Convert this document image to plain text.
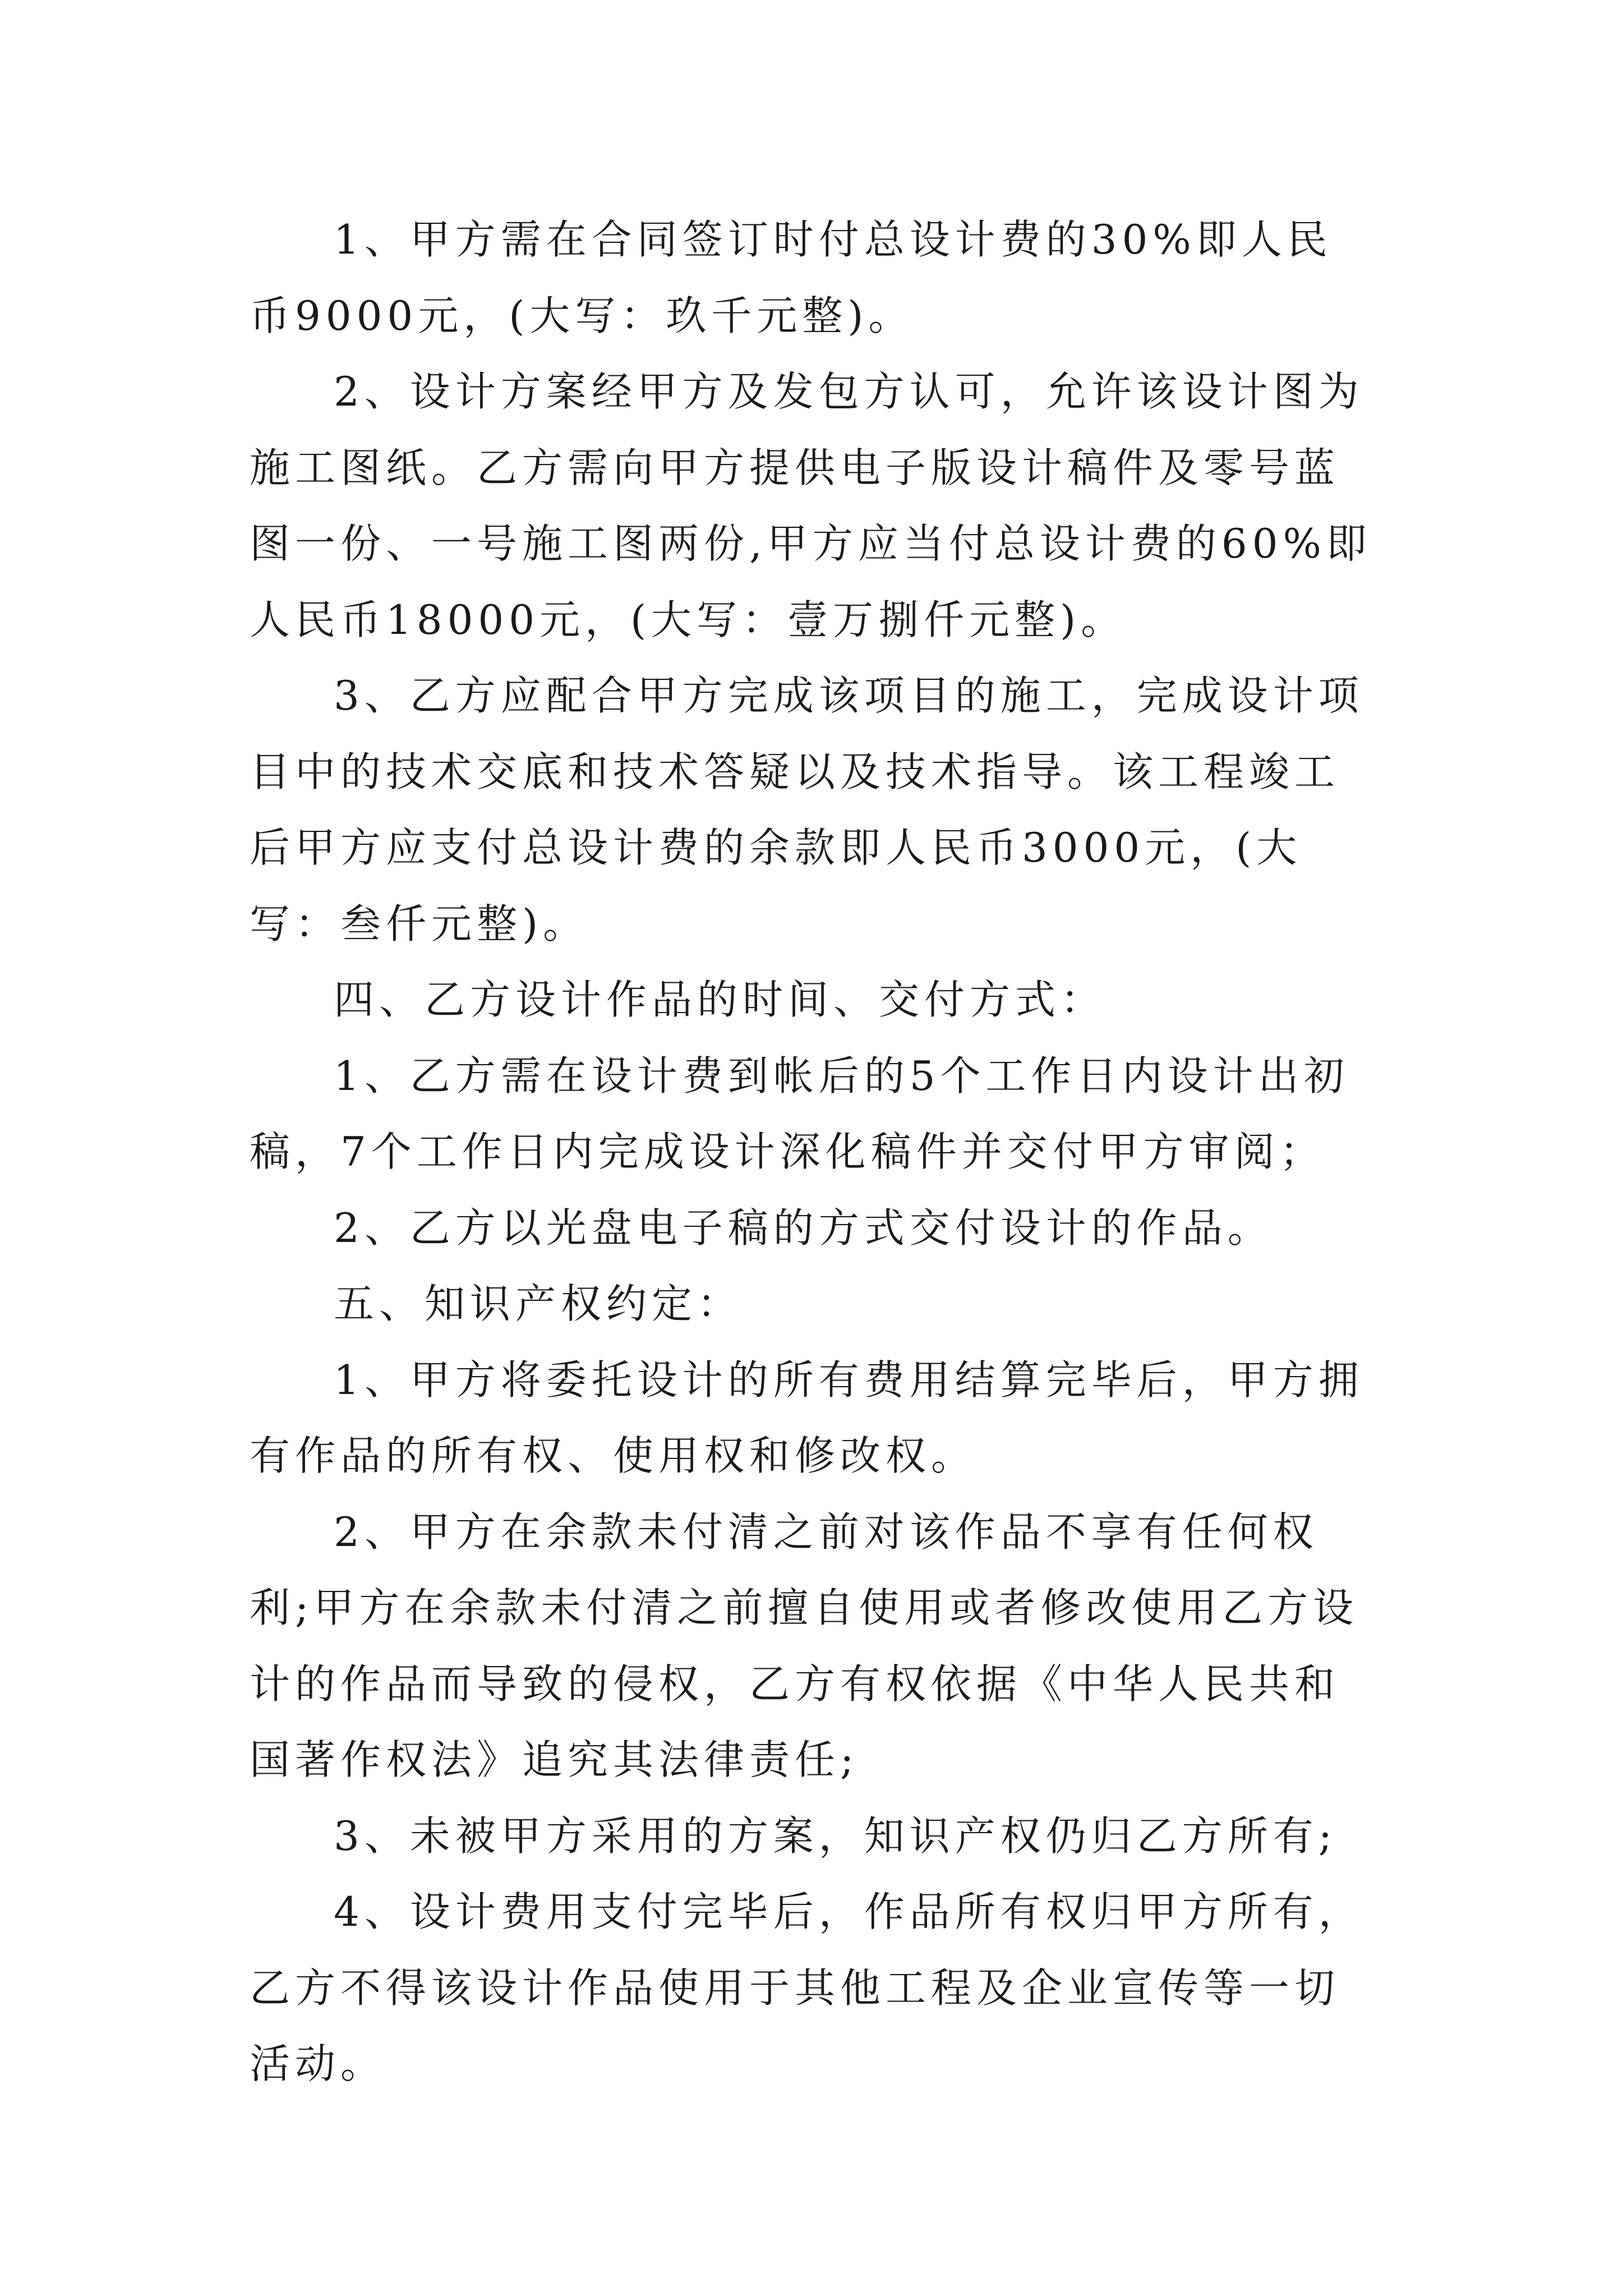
1、甲方需在合同签订时付总设计费的30%即人民币9000元，(大写：玖千元整)。

2、设计方案经甲方及发包方认可，允许该设计图为施工图纸。乙方需向甲方提供电子版设计稿件及零号蓝图一份、一号施工图两份,甲方应当付总设计费的60%即人民币18000元，(大写：壹万捌仟元整)。

3、乙方应配合甲方完成该项目的施工，完成设计项目中的技术交底和技术答疑以及技术指导。该工程竣工后甲方应支付总设计费的余款即人民币3000元，(大写：叁仟元整)。

四、乙方设计作品的时间、交付方式：

1、乙方需在设计费到帐后的5个工作日内设计出初稿，7个工作日内完成设计深化稿件并交付甲方审阅；

2、乙方以光盘电子稿的方式交付设计的作品。

五、知识产权约定：

1、甲方将委托设计的所有费用结算完毕后，甲方拥有作品的所有权、使用权和修改权。

2、甲方在余款未付清之前对该作品不享有任何权利;甲方在余款未付清之前擅自使用或者修改使用乙方设计的作品而导致的侵权，乙方有权依据《中华人民共和国著作权法》追究其法律责任;

3、未被甲方采用的方案，知识产权仍归乙方所有;

4、设计费用支付完毕后，作品所有权归甲方所有，乙方不得该设计作品使用于其他工程及企业宣传等一切活动。
